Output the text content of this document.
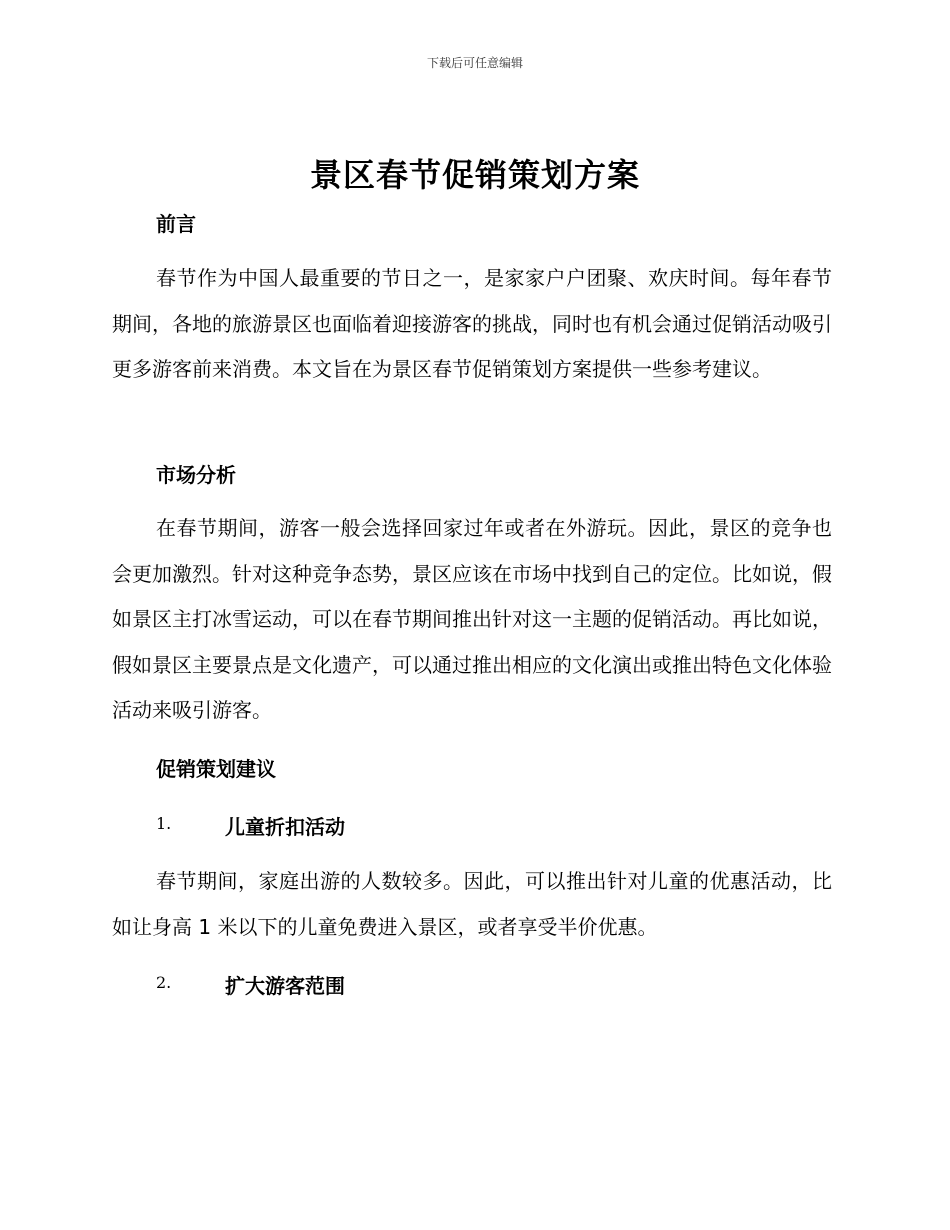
下载后可任意编辑
景区春节促销策划方案
前言

春节作为中国人最重要的节日之一，是家家户户团聚、欢庆时间。每年春节期间，各地的旅游景区也面临着迎接游客的挑战，同时也有机会通过促销活动吸引更多游客前来消费。本文旨在为景区春节促销策划方案提供一些参考建议。

市场分析

在春节期间，游客一般会选择回家过年或者在外游玩。因此，景区的竞争也会更加激烈。针对这种竞争态势，景区应该在市场中找到自己的定位。比如说，假如景区主打冰雪运动，可以在春节期间推出针对这一主题的促销活动。再比如说，假如景区主要景点是文化遗产，可以通过推出相应的文化演出或推出特色文化体验活动来吸引游客。

促销策划建议
1.	儿童折扣活动

春节期间，家庭出游的人数较多。因此，可以推出针对儿童的优惠活动，比如让身高 1 米以下的儿童免费进入景区，或者享受半价优惠。

2.	扩大游客范围
